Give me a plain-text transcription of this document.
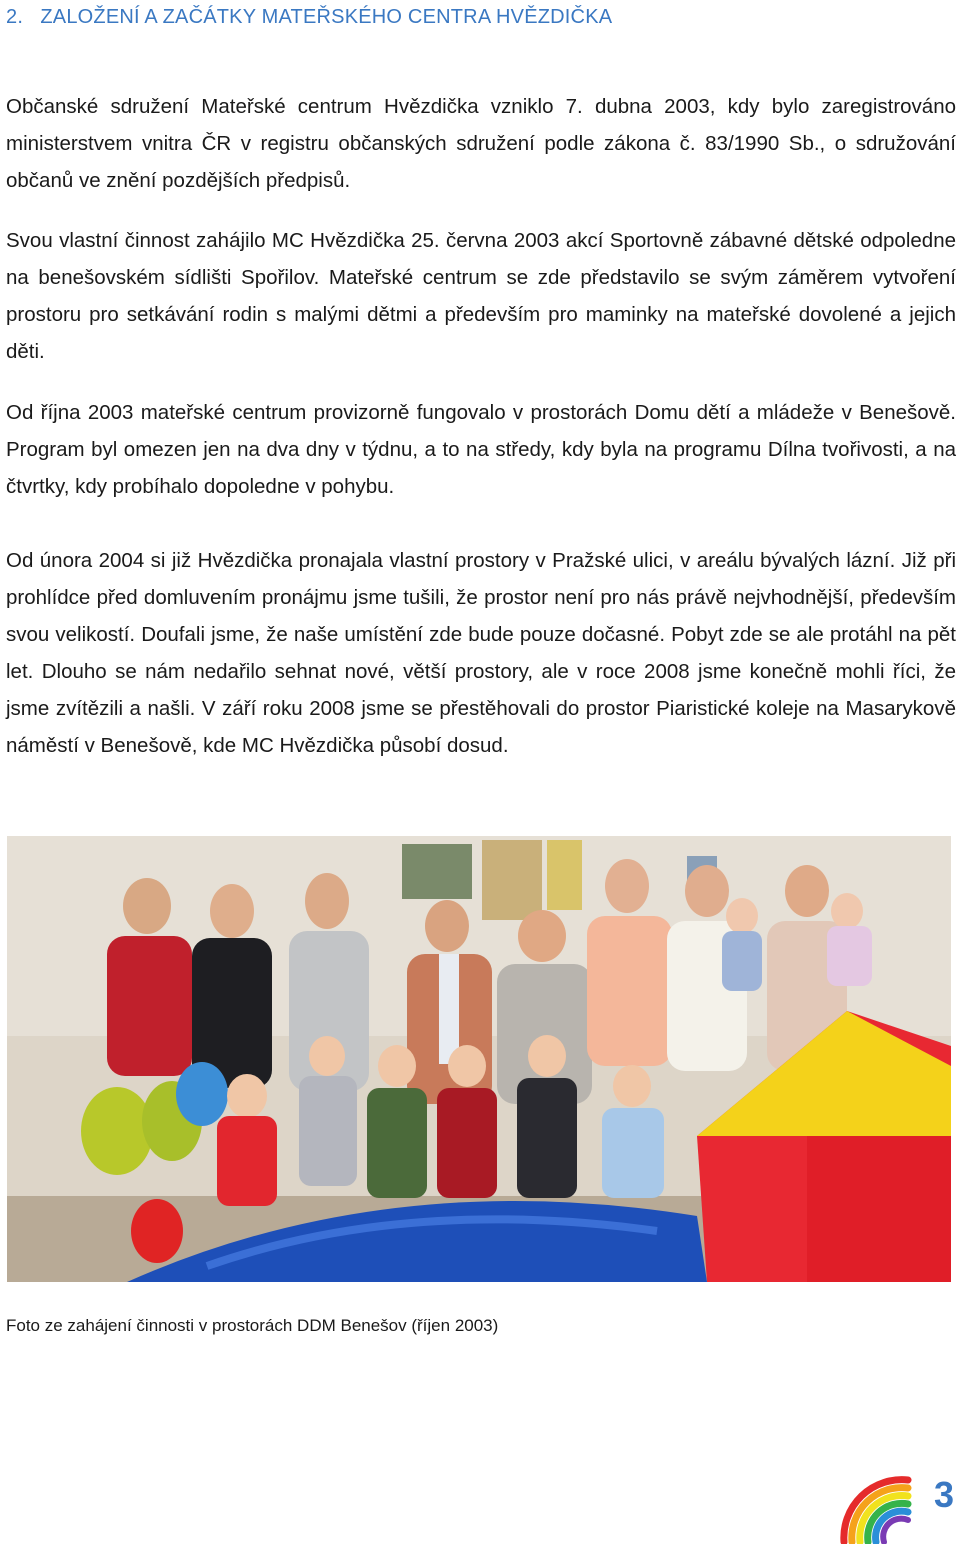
2. ZALOŽENÍ A ZAČÁTKY MATEŘSKÉHO CENTRA HVĚZDIČKA

Občanské sdružení Mateřské centrum Hvězdička vzniklo 7. dubna 2003, kdy bylo zaregistrováno ministerstvem vnitra ČR v registru občanských sdružení podle zákona č. 83/1990 Sb., o sdružování občanů ve znění pozdějších předpisů.

Svou vlastní činnost zahájilo MC Hvězdička 25. června 2003 akcí Sportovně zábavné dětské odpoledne na benešovském sídlišti Spořilov. Mateřské centrum se zde představilo se svým záměrem vytvoření prostoru pro setkávání rodin s malými dětmi a především pro maminky na mateřské dovolené a jejich děti.

Od října 2003 mateřské centrum provizorně fungovalo v prostorách Domu dětí a mládeže v Benešově. Program byl omezen jen na dva dny v týdnu, a to na středy, kdy byla na programu Dílna tvořivosti, a na čtvrtky, kdy probíhalo dopoledne v pohybu.

Od února 2004 si již Hvězdička pronajala vlastní prostory v Pražské ulici, v areálu bývalých lázní. Již při prohlídce před domluvením pronájmu jsme tušili, že prostor není pro nás právě nejvhodnější, především svou velikostí. Doufali jsme, že naše umístění zde bude pouze dočasné. Pobyt zde se ale protáhl na pět let. Dlouho se nám nedařilo sehnat nové, větší prostory, ale v roce 2008 jsme konečně mohli říci, že jsme zvítězili a našli. V září roku 2008 jsme se přestěhovali do prostor Piaristické koleje na Masarykově náměstí v Benešově, kde MC Hvězdička působí dosud.

Foto ze zahájení činnosti v prostorách DDM Benešov (říjen 2003)
3
